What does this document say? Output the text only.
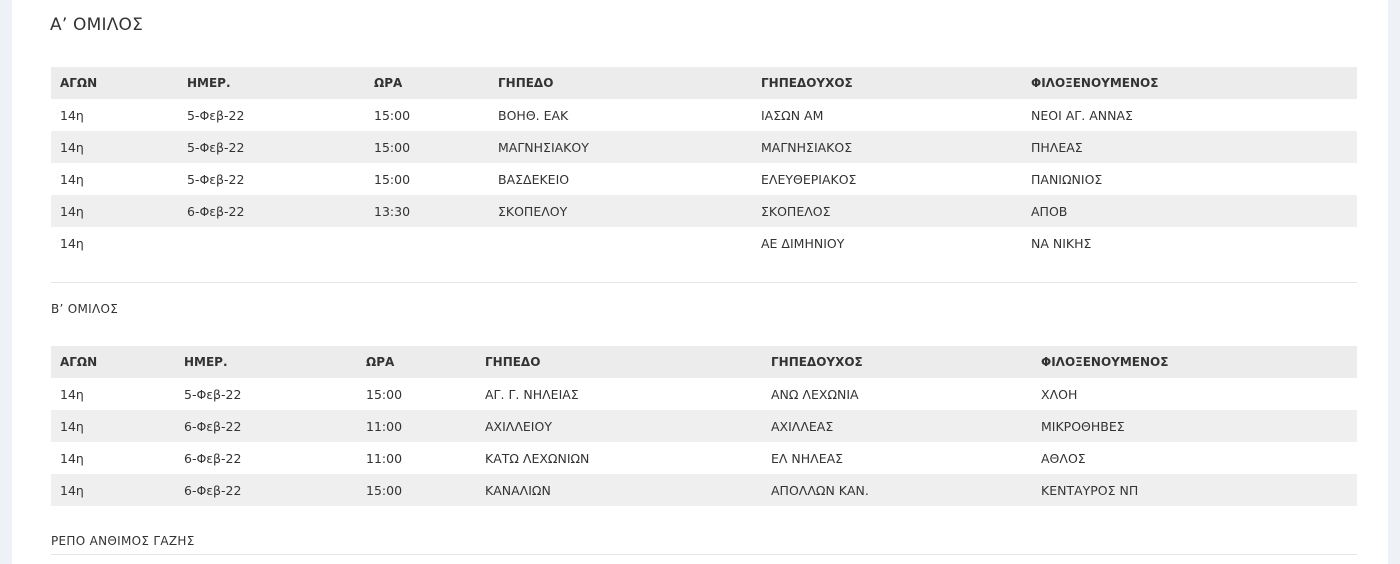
Α’ ΟΜΙΛΟΣ
ΑΓΩΝ	ΗΜΕΡ.	ΩΡΑ	ΓΗΠΕΔΟ	ΓΗΠΕΔΟΥΧΟΣ	ΦΙΛΟΞΕΝΟΥΜΕΝΟΣ
14η	5-Φεβ-22	15:00	ΒΟΗΘ. ΕΑΚ	ΙΑΣΩΝ ΑΜ	ΝΕΟΙ ΑΓ. ΑΝΝΑΣ
14η	5-Φεβ-22	15:00	ΜΑΓΝΗΣΙΑΚΟΥ	ΜΑΓΝΗΣΙΑΚΟΣ	ΠΗΛΕΑΣ
14η	5-Φεβ-22	15:00	ΒΑΣΔΕΚΕΙΟ	ΕΛΕΥΘΕΡΙΑΚΟΣ	ΠΑΝΙΩΝΙΟΣ
14η	6-Φεβ-22	13:30	ΣΚΟΠΕΛΟΥ	ΣΚΟΠΕΛΟΣ	ΑΠΟΒ
14η				ΑΕ ΔΙΜΗΝΙΟΥ	ΝΑ ΝΙΚΗΣ
Β’ ΟΜΙΛΟΣ
ΑΓΩΝ	ΗΜΕΡ.	ΩΡΑ	ΓΗΠΕΔΟ	ΓΗΠΕΔΟΥΧΟΣ	ΦΙΛΟΞΕΝΟΥΜΕΝΟΣ
14η	5-Φεβ-22	15:00	ΑΓ. Γ. ΝΗΛΕΙΑΣ	ΑΝΩ ΛΕΧΩΝΙΑ	ΧΛΟΗ
14η	6-Φεβ-22	11:00	ΑΧΙΛΛΕΙΟΥ	ΑΧΙΛΛΕΑΣ	ΜΙΚΡΟΘΗΒΕΣ
14η	6-Φεβ-22	11:00	ΚΑΤΩ ΛΕΧΩΝΙΩΝ	ΕΛ ΝΗΛΕΑΣ	ΑΘΛΟΣ
14η	6-Φεβ-22	15:00	ΚΑΝΑΛΙΩΝ	ΑΠΟΛΛΩΝ ΚΑΝ.	ΚΕΝΤΑΥΡΟΣ ΝΠ
ΡΕΠΟ ΑΝΘΙΜΟΣ ΓΑΖΗΣ
